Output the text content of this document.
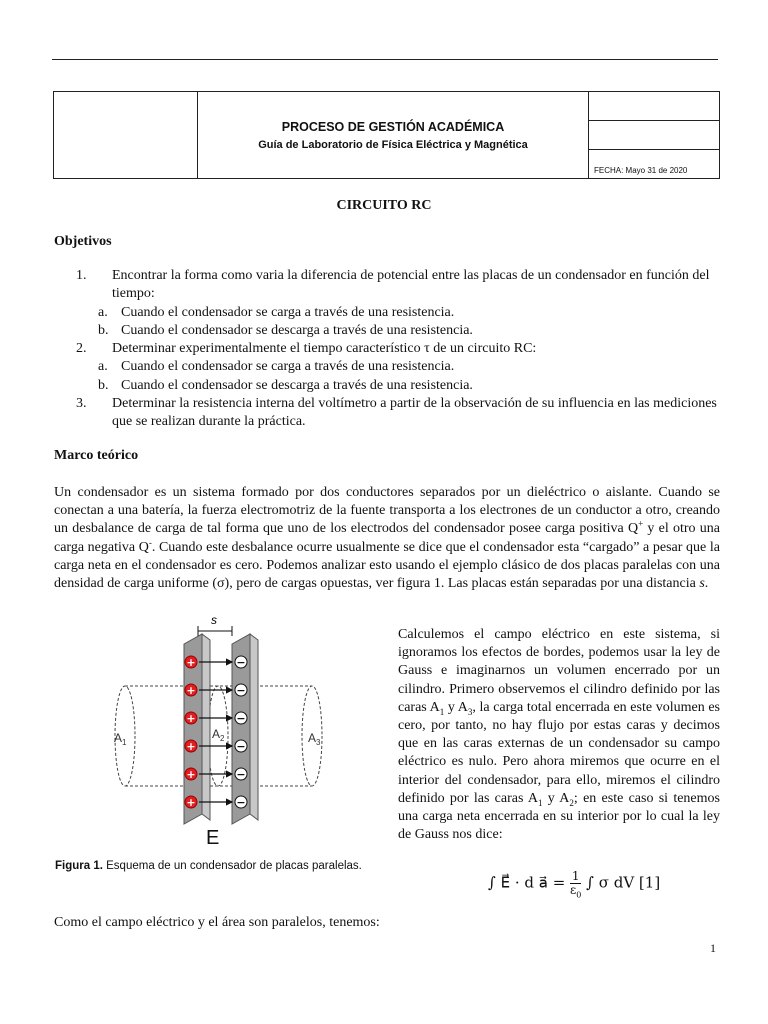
PROCESO DE GESTIÓN ACADÉMICA
Guía de Laboratorio de Física Eléctrica y Magnética

FECHA: Mayo 31 de 2020
CIRCUITO RC
Objetivos
1.	Encontrar la forma como varia la diferencia de potencial entre las placas de un condensador en función del tiempo:
a. Cuando el condensador se carga a través de una resistencia.
b. Cuando el condensador se descarga a través de una resistencia.
2.	Determinar experimentalmente el tiempo característico τ de un circuito RC:
a. Cuando el condensador se carga a través de una resistencia.
b. Cuando el condensador se descarga a través de una resistencia.
3.	Determinar la resistencia interna del voltímetro a partir de la observación de su influencia en las mediciones que se realizan durante la práctica.
Marco teórico
Un condensador es un sistema formado por dos conductores separados por un dieléctrico o aislante. Cuando se conectan a una batería, la fuerza electromotriz de la fuente transporta a los electrones de un conductor a otro, creando un desbalance de carga de tal forma que uno de los electrodos del condensador posee carga positiva Q+ y el otro una carga negativa Q-. Cuando este desbalance ocurre usualmente se dice que el condensador esta “cargado” a pesar que la carga neta en el condensador es cero. Podemos analizar esto usando el ejemplo clásico de dos placas paralelas con una densidad de carga uniforme (σ), pero de cargas opuestas, ver figura 1. Las placas están separadas por una distancia s.
s
+	−
+	−
+	−
+	−
+	−
+	−
$A_1$
$A_2$	$A_3$
E
Figura 1. Esquema de un condensador de placas paralelas.
Calculemos el campo eléctrico en este sistema, si ignoramos los efectos de bordes, podemos usar la ley de Gauss e imaginarnos un volumen encerrado por un cilindro. Primero observemos el cilindro definido por las caras $A_1$ y $A_3$, la carga total encerrada en este volumen es cero, por tanto, no hay flujo por estas caras y decimos que en las caras externas de un condensador su campo eléctrico es nulo. Pero ahora miremos que ocurre en el interior del condensador, para ello, miremos el cilindro definido por las caras $A_1$ y $A_2$; en este caso si tenemos una carga neta encerrada en su interior por lo cual la ley de Gauss nos dice:
∫ E⃗ · d a⃗ = $\frac{1}{\varepsilon_0}$ ∫ σ dV [1]
Como el campo eléctrico y el área son paralelos, tenemos:
1
